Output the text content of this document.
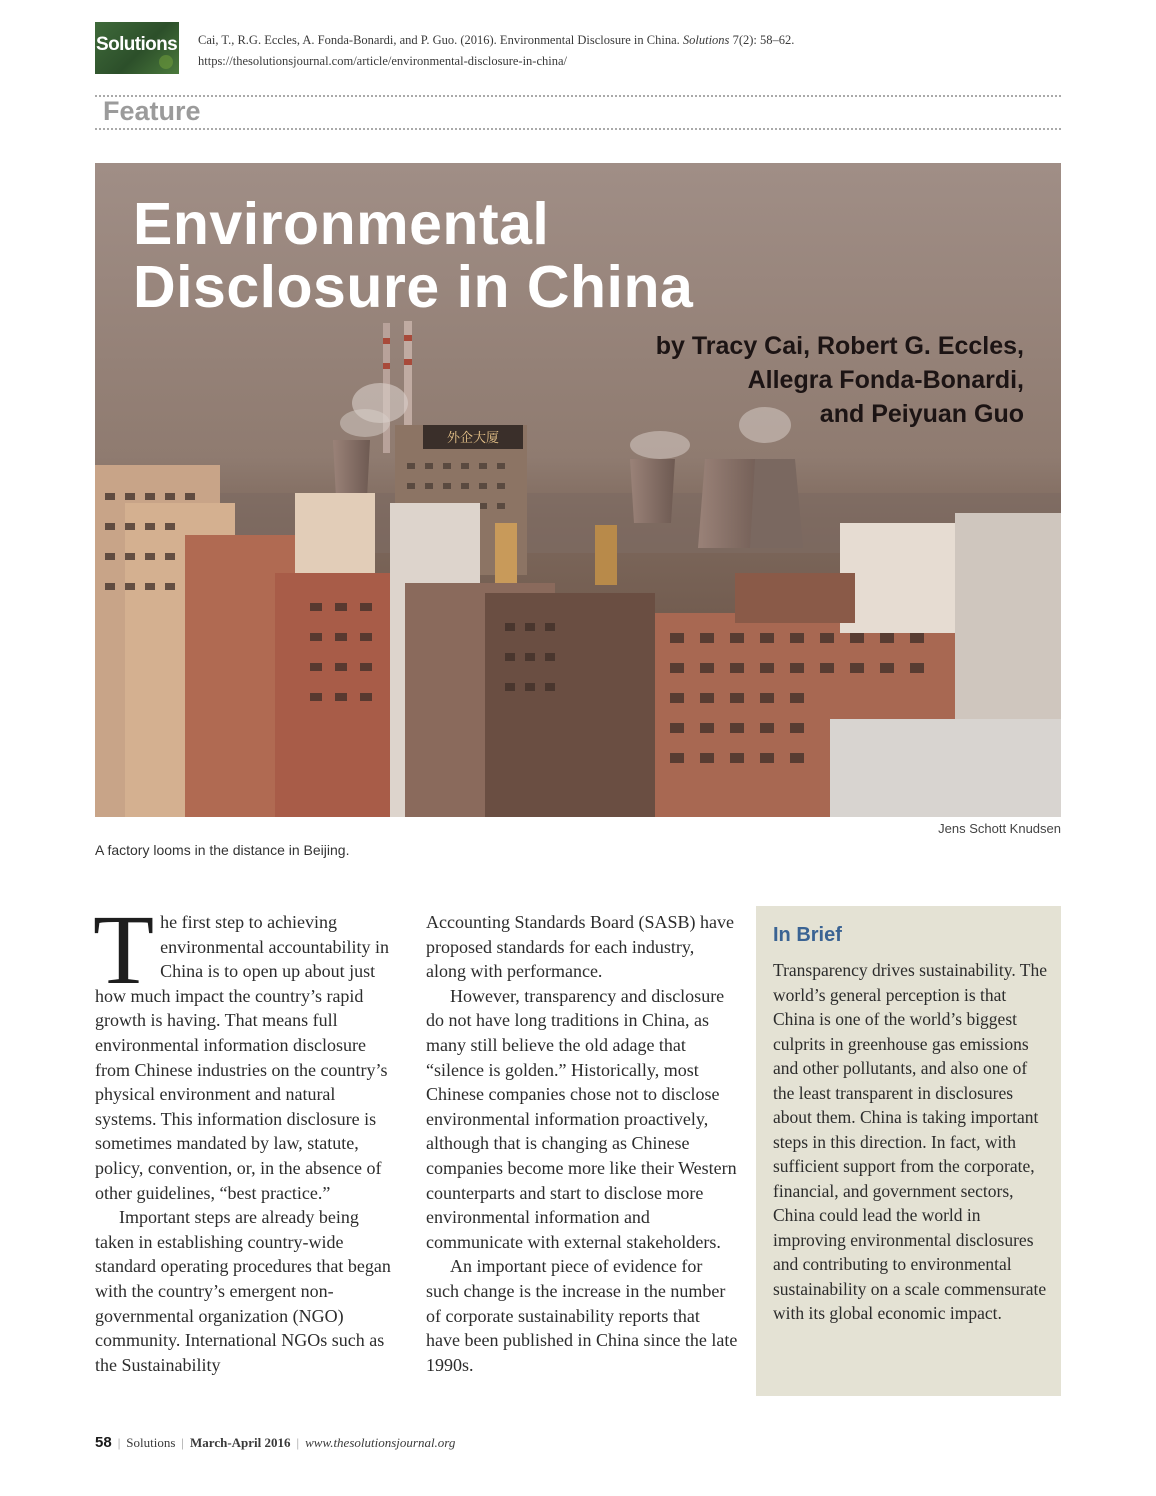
Solutions Cai, T., R.G. Eccles, A. Fonda-Bonardi, and P. Guo. (2016). Environmental Disclosure in China. Solutions 7(2): 58–62.
https://thesolutionsjournal.com/article/environmental-disclosure-in-china/
Feature
外企大厦
Environmental
Disclosure in China
by Tracy Cai, Robert G. Eccles,
Allegra Fonda-Bonardi,
and Peiyuan Guo
Jens Schott Knudsen
A factory looms in the distance in Beijing.

The first step to achieving environmental accountability in China is to open up about just how much impact the country’s rapid growth is having. That means full environmental information disclosure from Chinese industries on the country’s physical environment and natural systems. This information disclosure is sometimes mandated by law, statute, policy, convention, or, in the absence of other guidelines, “best practice.”

Important steps are already being taken in establishing country-wide standard operating procedures that began with the country’s emergent non-governmental organization (NGO) community. International NGOs such as the Sustainability

Accounting Standards Board (SASB) have proposed standards for each industry, along with performance.

However, transparency and disclosure do not have long traditions in China, as many still believe the old adage that “silence is golden.” Historically, most Chinese companies chose not to disclose environmental information proactively, although that is changing as Chinese companies become more like their Western counterparts and start to disclose more environmental information and communicate with external stakeholders.

An important piece of evidence for such change is the increase in the number of corporate sustainability reports that have been published in China since the late 1990s.

In Brief
Transparency drives sustainability. The world’s general perception is that China is one of the world’s biggest culprits in greenhouse gas emissions and other pollutants, and also one of the least transparent in disclosures about them. China is taking important steps in this direction. In fact, with sufficient support from the corporate, financial, and government sectors, China could lead the world in improving environmental disclosures and contributing to environmental sustainability on a scale commensurate with its global economic impact.
58 | Solutions | March-April 2016 | www.thesolutionsjournal.org
